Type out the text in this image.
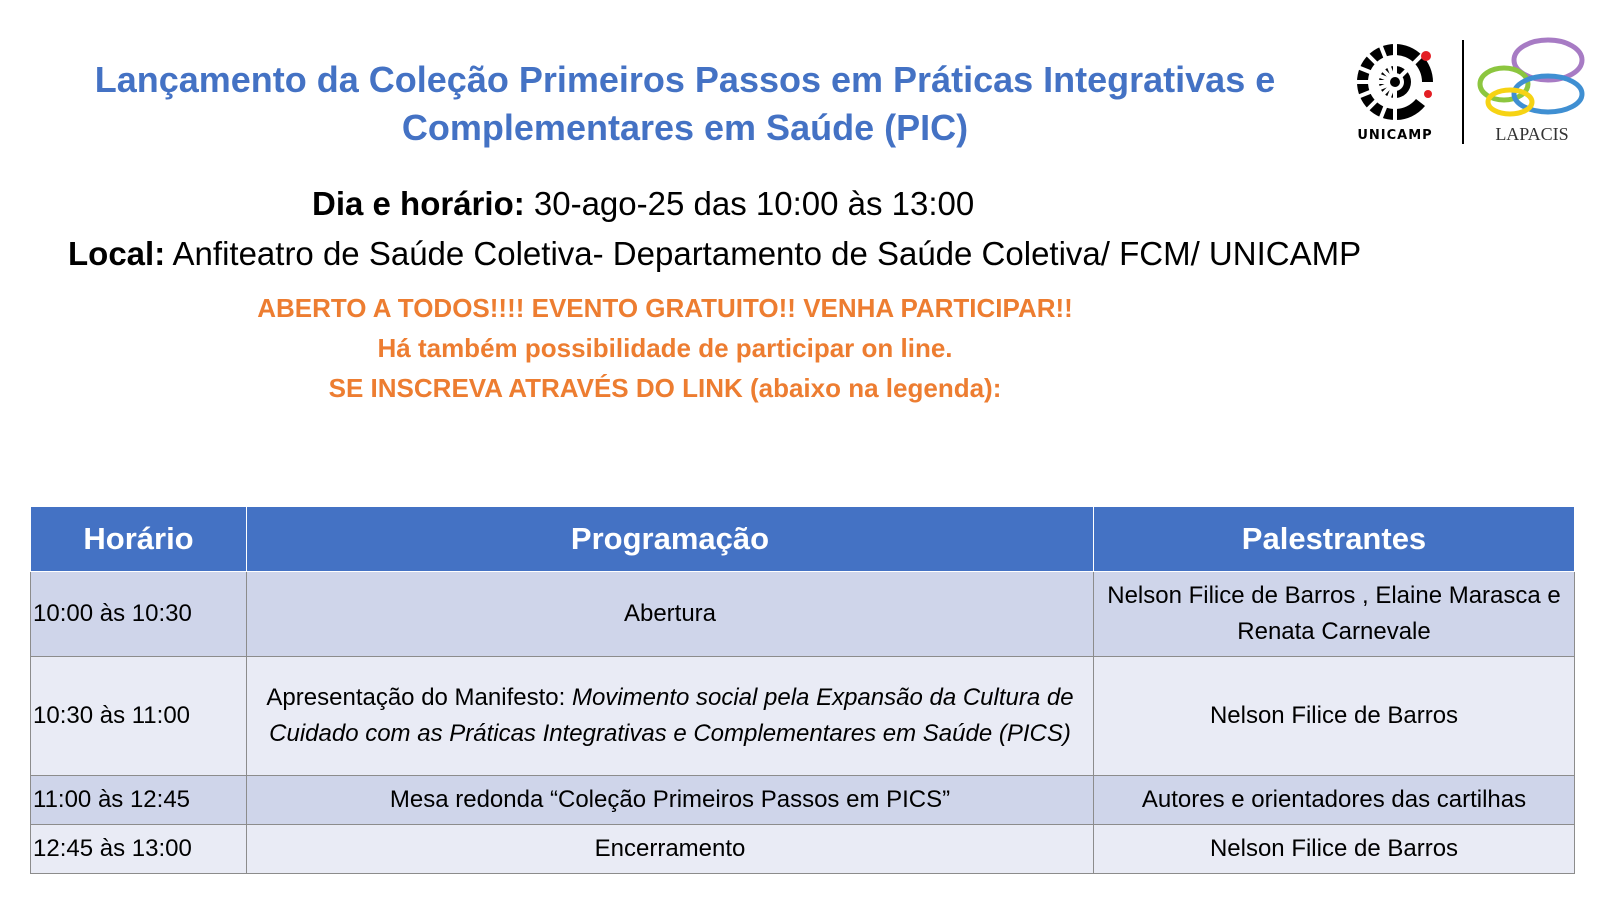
Lançamento da Coleção Primeiros Passos em Práticas Integrativas e
Complementares em Saúde (PIC)	UNICAMP	LAPACIS
Dia e horário: 30-ago-25 das 10:00 às 13:00
Local: Anfiteatro de Saúde Coletiva- Departamento de Saúde Coletiva/ FCM/ UNICAMP
ABERTO A TODOS!!!! EVENTO GRATUITO!! VENHA PARTICIPAR!!
Há também possibilidade de participar on line.
SE INSCREVA ATRAVÉS DO LINK (abaixo na legenda):
Horário	Programação	Palestrantes
10:00 às 10:30	Abertura	Nelson Filice de Barros , Elaine Marasca e Renata Carnevale
10:30 às 11:00	Apresentação do Manifesto: Movimento social pela Expansão da Cultura de Cuidado com as Práticas Integrativas e Complementares em Saúde (PICS)	Nelson Filice de Barros
11:00 às 12:45	Mesa redonda “Coleção Primeiros Passos em PICS”	Autores e orientadores das cartilhas
12:45 às 13:00	Encerramento	Nelson Filice de Barros
